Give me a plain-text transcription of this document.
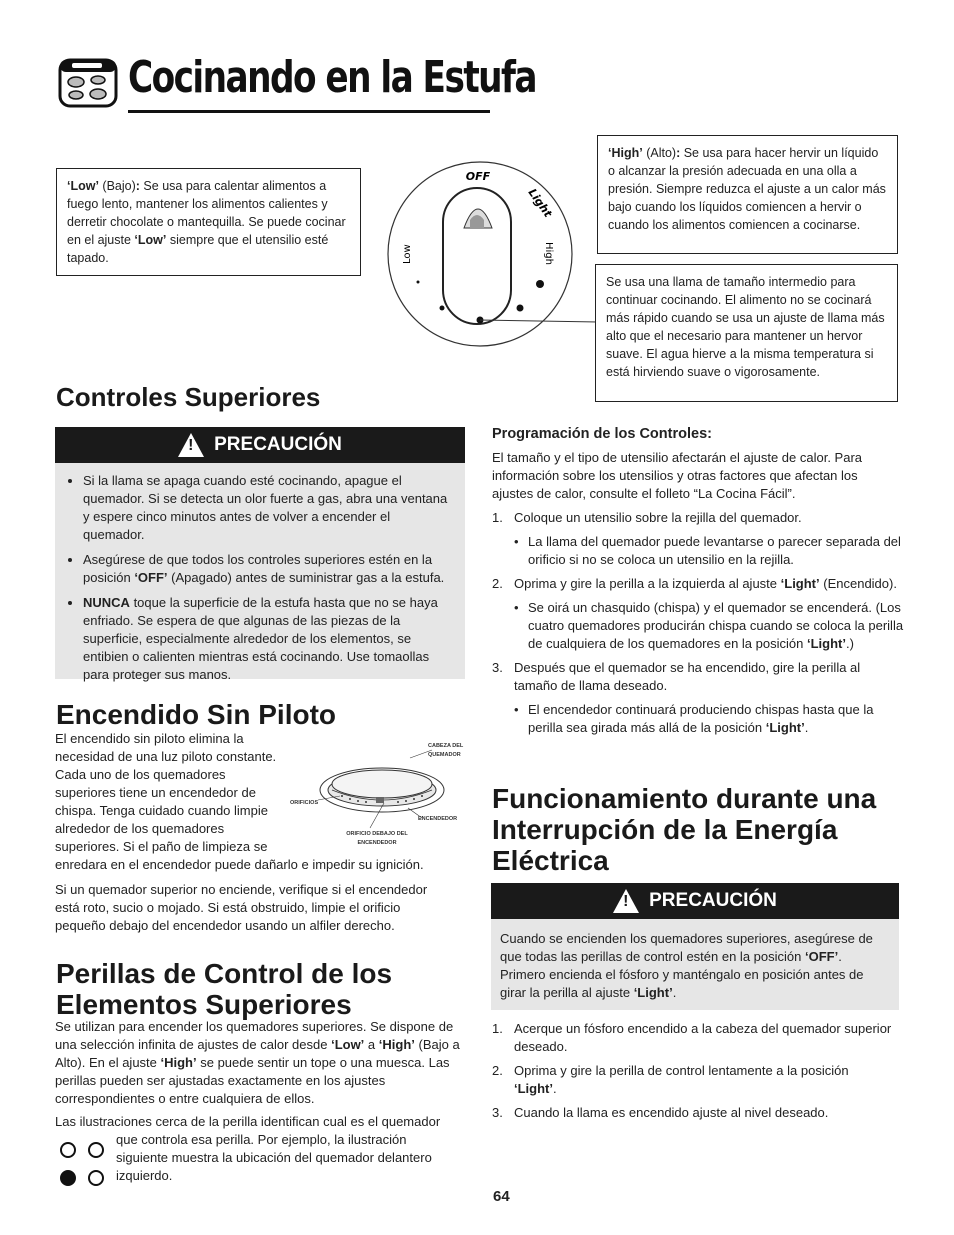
Cocinando en la Estufa
‘Low’ (Bajo): Se usa para calentar alimentos a fuego lento, mantener los alimentos calientes y derretir chocolate o mantequilla. Se puede cocinar en el ajuste ‘Low’ siempre que el utensilio esté tapado.
OFF
Light
High
Low
‘High’ (Alto): Se usa para hacer hervir un líquido o alcanzar la presión adecuada en una olla a presión. Siempre reduzca el ajuste a un calor más bajo cuando los líquidos comiencen a hervir o cuando los alimentos comiencen a cocinarse.
Se usa una llama de tamaño intermedio para continuar cocinando. El alimento no se cocinará más rápido cuando se usa un ajuste de llama más alto que el necesario para mantener un hervor suave. El agua hierve a la misma temperatura si está hirviendo suave o vigorosamente.
Controles Superiores
! PRECAUCIÓN
• Si la llama se apaga cuando esté cocinando, apague el quemador. Si se detecta un olor fuerte a gas, abra una ventana y espere cinco minutos antes de volver a encender el quemador.
• Asegúrese de que todos los controles superiores estén en la posición ‘OFF’ (Apagado) antes de suministrar gas a la estufa.
• NUNCA toque la superficie de la estufa hasta que no se haya enfriado. Se espera de que algunas de las piezas de la superficie, especialmente alrededor de los elementos, se entibien o calienten mientras está cocinando. Use tomaollas para proteger sus manos.
Encendido Sin Piloto
El encendido sin piloto elimina la necesidad de una luz piloto constante. Cada uno de los quemadores superiores tiene un encendedor de chispa. Tenga cuidado cuando limpie alrededor de los quemadores superiores. Si el paño de limpieza se enredara en el encendedor puede dañarlo e impedir su ignición.
CABEZA DEL QUEMADOR
ORIFICIOS
ENCENDEDOR
ORIFICIO DEBAJO DEL ENCENDEDOR
Si un quemador superior no enciende, verifique si el encendedor está roto, sucio o mojado. Si está obstruido, limpie el orificio pequeño debajo del encendedor usando un alfiler derecho.
Perillas de Control de los
Elementos Superiores
Se utilizan para encender los quemadores superiores. Se dispone de una selección infinita de ajustes de calor desde ‘Low’ a ‘High’ (Bajo a Alto). En el ajuste ‘High’ se puede sentir un tope o una muesca. Las perillas pueden ser ajustadas exactamente en los ajustes correspondientes o entre cualquiera de ellos.
Las ilustraciones cerca de la perilla identifican cual es el quemador
que controla esa perilla. Por ejemplo, la ilustración siguiente muestra la ubicación del quemador delantero izquierdo.
Programación de los Controles:
El tamaño y el tipo de utensilio afectarán el ajuste de calor. Para información sobre los utensilios y otras factores que afectan los ajustes de calor, consulte el folleto “La Cocina Fácil”.
1. Coloque un utensilio sobre la rejilla del quemador.
• La llama del quemador puede levantarse o parecer separada del orificio si no se coloca un utensilio en la rejilla.
2. Oprima y gire la perilla a la izquierda al ajuste ‘Light’ (Encendido).
• Se oirá un chasquido (chispa) y el quemador se encenderá. (Los cuatro quemadores producirán chispa cuando se coloca la perilla de cualquiera de los quemadores en la posición ‘Light’.)
3. Después que el quemador se ha encendido, gire la perilla al tamaño de llama deseado.
• El encendedor continuará produciendo chispas hasta que la perilla sea girada más allá de la posición ‘Light’.
Funcionamiento durante una
Interrupción de la Energía
Eléctrica
! PRECAUCIÓN
Cuando se encienden los quemadores superiores, asegúrese de que todas las perillas de control estén en la posición ‘OFF’. Primero encienda el fósforo y manténgalo en posición antes de girar la perilla al ajuste ‘Light’.
1. Acerque un fósforo encendido a la cabeza del quemador superior deseado.
2. Oprima y gire la perilla de control lentamente a la posición ‘Light’.
3. Cuando la llama es encendido ajuste al nivel deseado.
64
